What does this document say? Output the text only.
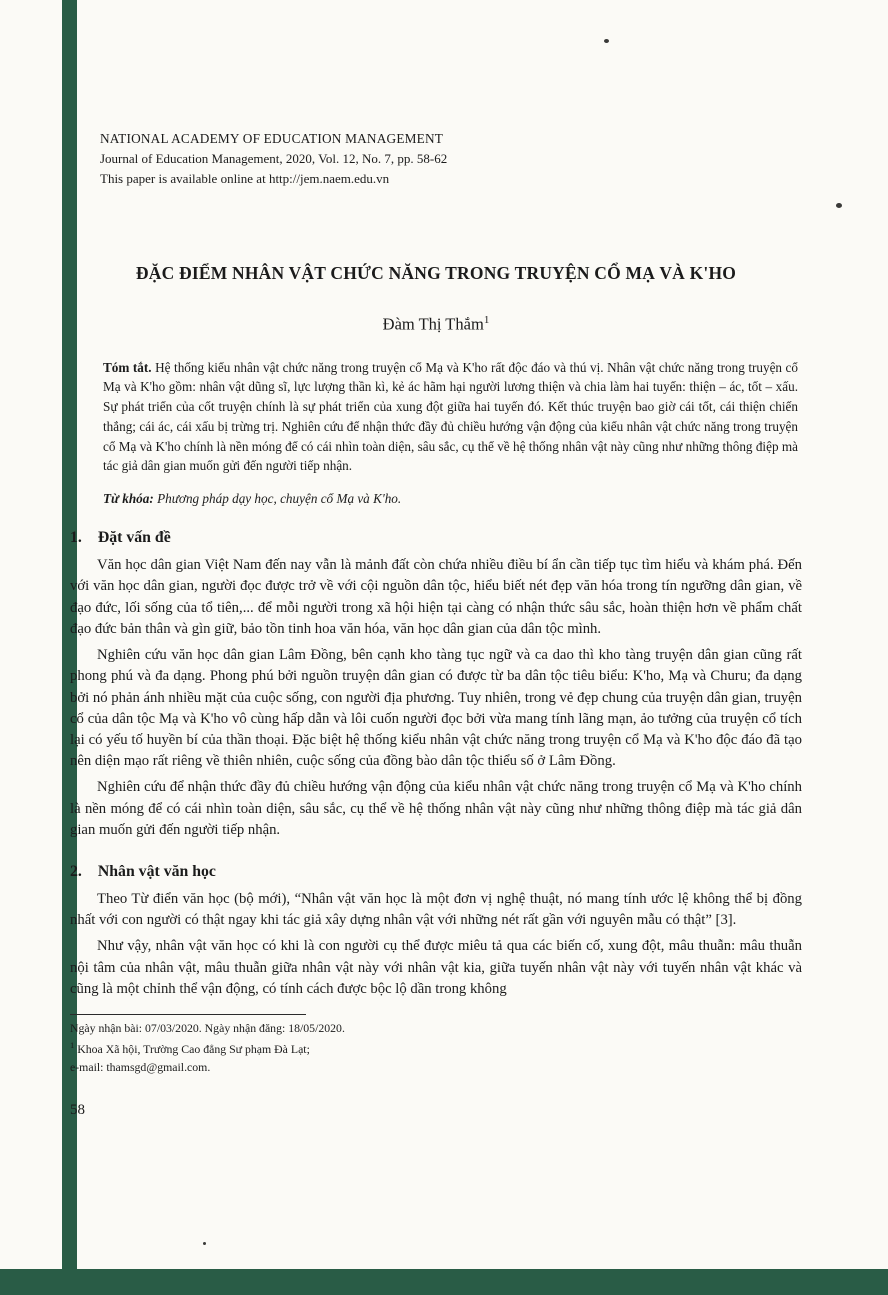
NATIONAL ACADEMY OF EDUCATION MANAGEMENT
Journal of Education Management, 2020, Vol. 12, No. 7, pp. 58-62
This paper is available online at http://jem.naem.edu.vn
ĐẶC ĐIỂM NHÂN VẬT CHỨC NĂNG TRONG TRUYỆN CỔ MẠ VÀ K'HO
Đàm Thị Thắm$^1$

Tóm tắt. Hệ thống kiểu nhân vật chức năng trong truyện cổ Mạ và K'ho rất độc đáo và thú vị. Nhân vật chức năng trong truyện cổ Mạ và K'ho gồm: nhân vật dũng sĩ, lực lượng thần kì, kẻ ác hãm hại người lương thiện và chia làm hai tuyến: thiện – ác, tốt – xấu. Sự phát triển của cốt truyện chính là sự phát triển của xung đột giữa hai tuyến đó. Kết thúc truyện bao giờ cái tốt, cái thiện chiến thắng; cái ác, cái xấu bị trừng trị. Nghiên cứu để nhận thức đầy đủ chiều hướng vận động của kiểu nhân vật chức năng trong truyện cổ Mạ và K'ho chính là nền móng để có cái nhìn toàn diện, sâu sắc, cụ thể về hệ thống nhân vật này cũng như những thông điệp mà tác giả dân gian muốn gửi đến người tiếp nhận.

Từ khóa: Phương pháp dạy học, chuyện cổ Mạ và K'ho.

1. Đặt vấn đề

Văn học dân gian Việt Nam đến nay vẫn là mảnh đất còn chứa nhiều điều bí ẩn cần tiếp tục tìm hiểu và khám phá. Đến với văn học dân gian, người đọc được trở về với cội nguồn dân tộc, hiểu biết nét đẹp văn hóa trong tín ngưỡng dân gian, về đạo đức, lối sống của tổ tiên,... để mỗi người trong xã hội hiện tại càng có nhận thức sâu sắc, hoàn thiện hơn về phẩm chất đạo đức bản thân và gìn giữ, bảo tồn tinh hoa văn hóa, văn học dân gian của dân tộc mình.

Nghiên cứu văn học dân gian Lâm Đồng, bên cạnh kho tàng tục ngữ và ca dao thì kho tàng truyện dân gian cũng rất phong phú và đa dạng. Phong phú bởi nguồn truyện dân gian có được từ ba dân tộc tiêu biểu: K'ho, Mạ và Churu; đa dạng bởi nó phản ánh nhiều mặt của cuộc sống, con người địa phương. Tuy nhiên, trong vẻ đẹp chung của truyện dân gian, truyện cổ của dân tộc Mạ và K'ho vô cùng hấp dẫn và lôi cuốn người đọc bởi vừa mang tính lãng mạn, ảo tưởng của truyện cổ tích lại có yếu tố huyền bí của thần thoại. Đặc biệt hệ thống kiểu nhân vật chức năng trong truyện cổ Mạ và K'ho độc đáo đã tạo nên diện mạo rất riêng về thiên nhiên, cuộc sống của đồng bào dân tộc thiểu số ở Lâm Đồng.

Nghiên cứu để nhận thức đầy đủ chiều hướng vận động của kiểu nhân vật chức năng trong truyện cổ Mạ và K'ho chính là nền móng để có cái nhìn toàn diện, sâu sắc, cụ thể về hệ thống nhân vật này cũng như những thông điệp mà tác giả dân gian muốn gửi đến người tiếp nhận.

2. Nhân vật văn học

Theo Từ điển văn học (bộ mới), “Nhân vật văn học là một đơn vị nghệ thuật, nó mang tính ước lệ không thể bị đồng nhất với con người có thật ngay khi tác giả xây dựng nhân vật với những nét rất gần với nguyên mẫu có thật” [3].

Như vậy, nhân vật văn học có khi là con người cụ thể được miêu tả qua các biến cố, xung đột, mâu thuẫn: mâu thuẫn nội tâm của nhân vật, mâu thuẫn giữa nhân vật này với nhân vật kia, giữa tuyến nhân vật này với tuyến nhân vật khác và cũng là một chỉnh thể vận động, có tính cách được bộc lộ dần trong không

Ngày nhận bài: 07/03/2020. Ngày nhận đăng: 18/05/2020.
$^1$ Khoa Xã hội, Trường Cao đẳng Sư phạm Đà Lạt;
e-mail: thamsgd@gmail.com.
58
